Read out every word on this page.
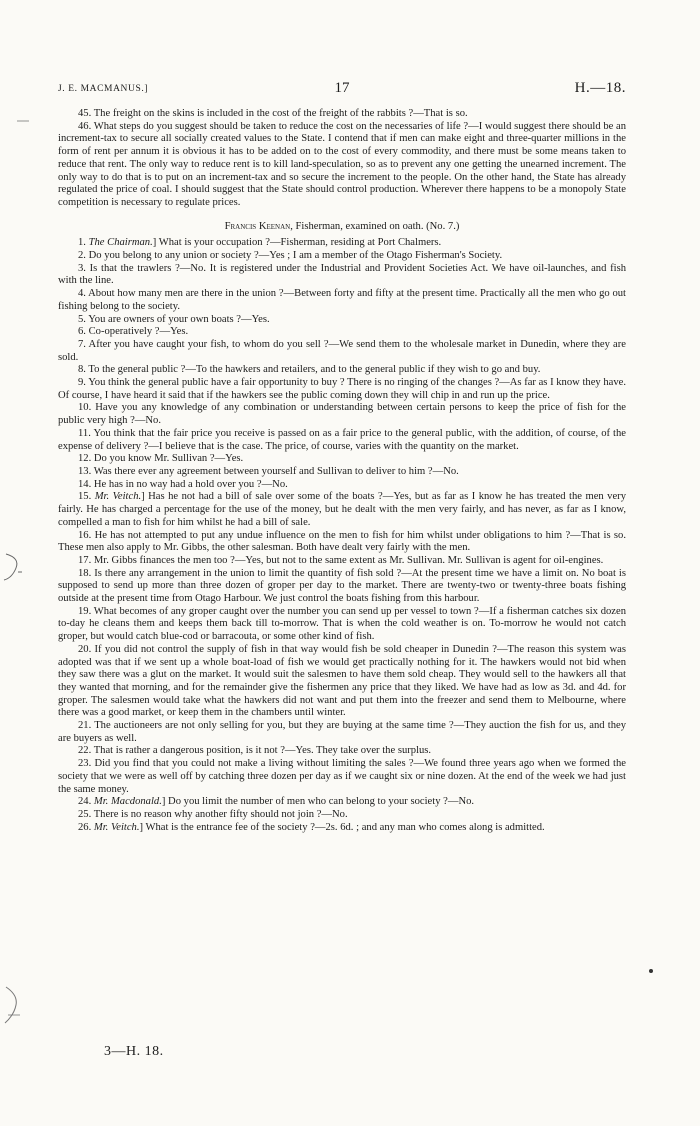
J. E. MACMANUS.]	17	H.—18.

45. The freight on the skins is included in the cost of the freight of the rabbits ?—That is so.

46. What steps do you suggest should be taken to reduce the cost on the necessaries of life ?—I would suggest there should be an increment-tax to secure all socially created values to the State. I contend that if men can make eight and three-quarter millions in the form of rent per annum it is obvious it has to be added on to the cost of every commodity, and there must be some means taken to reduce that rent. The only way to reduce rent is to kill land-speculation, so as to prevent any one getting the unearned increment. The only way to do that is to put on an increment-tax and so secure the increment to the people. On the other hand, the State has already regulated the price of coal. I should suggest that the State should control production. Wherever there happens to be a monopoly State competition is necessary to regulate prices.

Francis Keenan, Fisherman, examined on oath. (No. 7.)

1. The Chairman.] What is your occupation ?—Fisherman, residing at Port Chalmers.

2. Do you belong to any union or society ?—Yes ; I am a member of the Otago Fisherman's Society.

3. Is that the trawlers ?—No. It is registered under the Industrial and Provident Societies Act. We have oil-launches, and fish with the line.

4. About how many men are there in the union ?—Between forty and fifty at the present time. Practically all the men who go out fishing belong to the society.

5. You are owners of your own boats ?—Yes.

6. Co-operatively ?—Yes.

7. After you have caught your fish, to whom do you sell ?—We send them to the wholesale market in Dunedin, where they are sold.

8. To the general public ?—To the hawkers and retailers, and to the general public if they wish to go and buy.

9. You think the general public have a fair opportunity to buy ? There is no ringing of the changes ?—As far as I know they have. Of course, I have heard it said that if the hawkers see the public coming down they will chip in and run up the price.

10. Have you any knowledge of any combination or understanding between certain persons to keep the price of fish for the public very high ?—No.

11. You think that the fair price you receive is passed on as a fair price to the general public, with the addition, of course, of the expense of delivery ?—I believe that is the case. The price, of course, varies with the quantity on the market.

12. Do you know Mr. Sullivan ?—Yes.

13. Was there ever any agreement between yourself and Sullivan to deliver to him ?—No.

14. He has in no way had a hold over you ?—No.

15. Mr. Veitch.] Has he not had a bill of sale over some of the boats ?—Yes, but as far as I know he has treated the men very fairly. He has charged a percentage for the use of the money, but he dealt with the men very fairly, and has never, as far as I know, compelled a man to fish for him whilst he had a bill of sale.

16. He has not attempted to put any undue influence on the men to fish for him whilst under obligations to him ?—That is so. These men also apply to Mr. Gibbs, the other salesman. Both have dealt very fairly with the men.

17. Mr. Gibbs finances the men too ?—Yes, but not to the same extent as Mr. Sullivan. Mr. Sullivan is agent for oil-engines.

18. Is there any arrangement in the union to limit the quantity of fish sold ?—At the present time we have a limit on. No boat is supposed to send up more than three dozen of groper per day to the market. There are twenty-two or twenty-three boats fishing outside at the present time from Otago Harbour. We just control the boats fishing from this harbour.

19. What becomes of any groper caught over the number you can send up per vessel to town ?—If a fisherman catches six dozen to-day he cleans them and keeps them back till to-morrow. That is when the cold weather is on. To-morrow he would not catch groper, but would catch blue-cod or barracouta, or some other kind of fish.

20. If you did not control the supply of fish in that way would fish be sold cheaper in Dunedin ?—The reason this system was adopted was that if we sent up a whole boat-load of fish we would get practically nothing for it. The hawkers would not bid when they saw there was a glut on the market. It would suit the salesmen to have them sold cheap. They would sell to the hawkers all that they wanted that morning, and for the remainder give the fishermen any price that they liked. We have had as low as 3d. and 4d. for groper. The salesmen would take what the hawkers did not want and put them into the freezer and send them to Melbourne, where there was a good market, or keep them in the chambers until winter.

21. The auctioneers are not only selling for you, but they are buying at the same time ?—They auction the fish for us, and they are buyers as well.

22. That is rather a dangerous position, is it not ?—Yes. They take over the surplus.

23. Did you find that you could not make a living without limiting the sales ?—We found three years ago when we formed the society that we were as well off by catching three dozen per day as if we caught six or nine dozen. At the end of the week we had just the same money.

24. Mr. Macdonald.] Do you limit the number of men who can belong to your society ?—No.

25. There is no reason why another fifty should not join ?—No.

26. Mr. Veitch.] What is the entrance fee of the society ?—2s. 6d. ; and any man who comes along is admitted.

3—H. 18.
